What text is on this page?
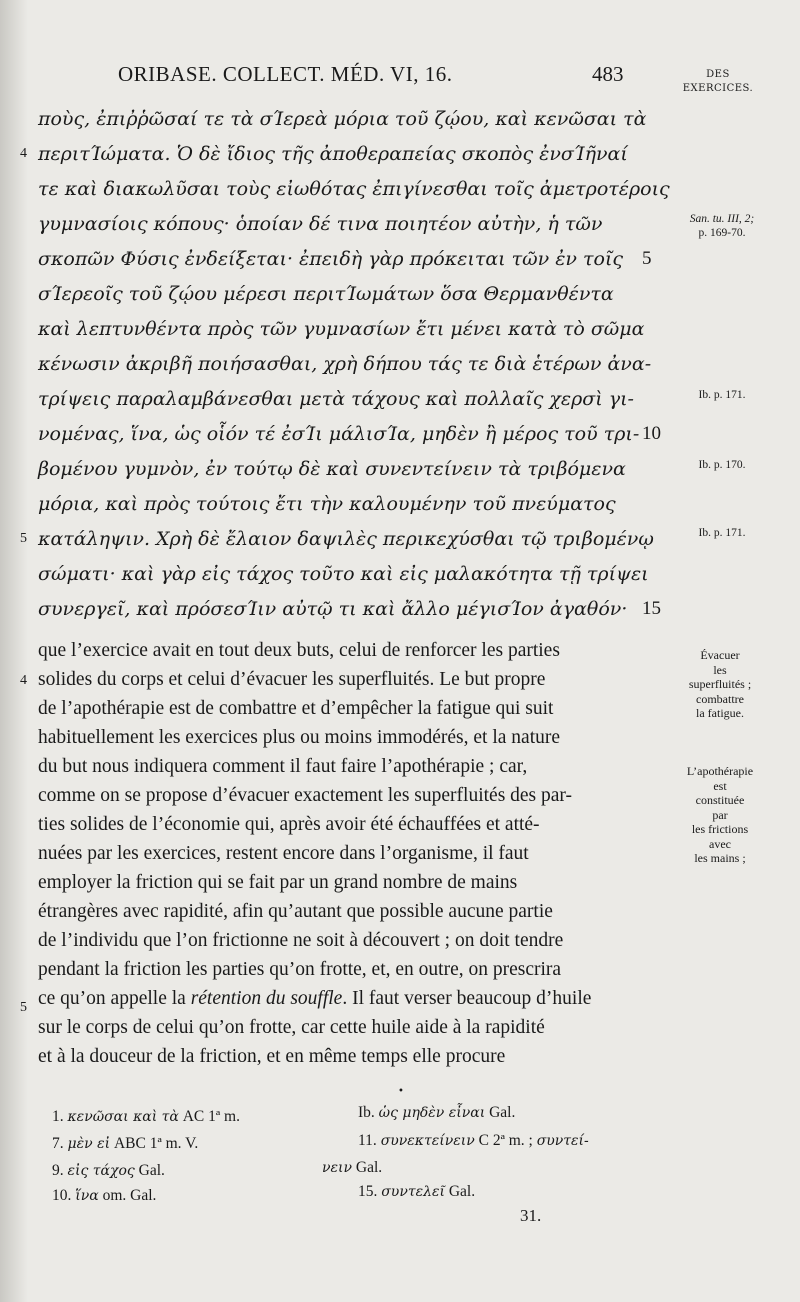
ORIBASE. COLLECT. MÉD. VI, 16.	483	DES
EXERCICES.
ποὺς, ἐπιῤῥῶσαί τε τὰ σΊερεὰ μόρια τοῦ ζῴου, καὶ κενῶσαι τὰ
περιτΊώματα. Ὁ δὲ ἴδιος τῆς ἀποθεραπείας σκοπὸς ἐνσΊῆναί
τε καὶ διακωλῦσαι τοὺς εἰωθότας ἐπιγίνεσθαι τοῖς ἀμετροτέροις
γυμνασίοις κόπους· ὁποίαν δέ τινα ποιητέον αὐτὴν, ἡ τῶν
σκοπῶν Φύσις ἐνδείξεται· ἐπειδὴ γὰρ πρόκειται τῶν ἐν τοῖς
σΊερεοῖς τοῦ ζῴου μέρεσι περιτΊωμάτων ὅσα Θερμανθέντα
καὶ λεπτυνθέντα πρὸς τῶν γυμνασίων ἔτι μένει κατὰ τὸ σῶμα
κένωσιν ἀκριβῆ ποιήσασθαι, χρὴ δήπου τάς τε διὰ ἑτέρων ἀνα-
τρίψεις παραλαμβάνεσθαι μετὰ τάχους καὶ πολλαῖς χερσὶ γι-
νομένας, ἵνα, ὡς οἷόν τέ ἐσΊι μάλισΊα, μηδὲν ἢ μέρος τοῦ τρι-
βομένου γυμνὸν, ἐν τούτῳ δὲ καὶ συνεντείνειν τὰ τριβόμενα
μόρια, καὶ πρὸς τούτοις ἔτι τὴν καλουμένην τοῦ πνεύματος
κατάληψιν. Χρὴ δὲ ἔλαιον δαψιλὲς περικεχύσθαι τῷ τριβομένῳ
σώματι· καὶ γὰρ εἰς τάχος τοῦτο καὶ εἰς μαλακότητα τῇ τρίψει
συνεργεῖ, καὶ πρόσεσΊιν αὐτῷ τι καὶ ἄλλο μέγισΊον ἀγαθόν·
4
5
5
10
15
San. tu. III, 2;
p. 169-70.
Ib. p. 171.
Ib. p. 170.
Ib. p. 171.
que l’exercice avait en tout deux buts, celui de renforcer les parties
solides du corps et celui d’évacuer les superfluités. Le but propre
de l’apothérapie est de combattre et d’empêcher la fatigue qui suit
habituellement les exercices plus ou moins immodérés, et la nature
du but nous indiquera comment il faut faire l’apothérapie ; car,
comme on se propose d’évacuer exactement les superfluités des par-
ties solides de l’économie qui, après avoir été échauffées et atté-
nuées par les exercices, restent encore dans l’organisme, il faut
employer la friction qui se fait par un grand nombre de mains
étrangères avec rapidité, afin qu’autant que possible aucune partie
de l’individu que l’on frictionne ne soit à découvert ; on doit tendre
pendant la friction les parties qu’on frotte, et, en outre, on prescrira
ce qu’on appelle la rétention du souffle. Il faut verser beaucoup d’huile
sur le corps de celui qu’on frotte, car cette huile aide à la rapidité
et à la douceur de la friction, et en même temps elle procure
4
5
Évacuer
les
superfluités ;
combattre
la fatigue.
L’apothérapie
est
constituée
par
les frictions
avec
les mains ;
•
1. κενῶσαι καὶ τὰ AC 1ª m.
7. μὲν εἰ ABC 1ª m. V.
9. εἰς τάχος Gal.
10. ἵνα om. Gal.
Ib. ὡς μηδὲν εἶναι Gal.
11. συνεκτείνειν C 2ª m. ; συντεί-
νειν Gal.
15. συντελεῖ Gal.
31.
